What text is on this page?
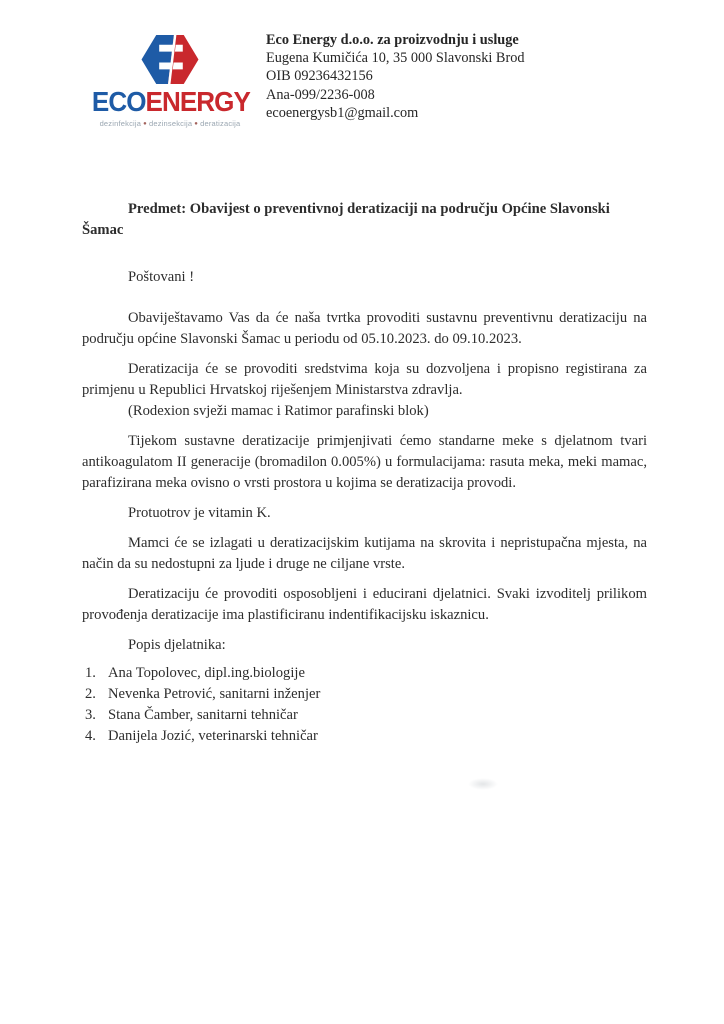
ECOENERGY
dezinfekcija ● dezinsekcija ● deratizacija
Eco Energy d.o.o. za proizvodnju i usluge
Eugena Kumičića 10, 35 000 Slavonski Brod
OIB 09236432156
Ana-099/2236-008
ecoenergysb1@gmail.com
Predmet: Obavijest o preventivnoj deratizaciji na području Općine Slavonski Šamac
Poštovani !

Obaviještavamo Vas da će naša tvrtka provoditi sustavnu preventivnu deratizaciju na području općine Slavonski Šamac u periodu od 05.10.2023. do 09.10.2023.

Deratizacija će se provoditi sredstvima koja su dozvoljena i propisno registirana za primjenu u Republici Hrvatskoj riješenjem Ministarstva zdravlja.

(Rodexion svježi mamac i Ratimor parafinski blok)

Tijekom sustavne deratizacije primjenjivati ćemo standarne meke s djelatnom tvari antikoagulatom II generacije (bromadilon 0.005%) u formulacijama: rasuta meka, meki mamac, parafizirana meka ovisno o vrsti prostora u kojima se deratizacija provodi.

Protuotrov je vitamin K.

Mamci će se izlagati u deratizacijskim kutijama na skrovita i nepristupačna mjesta, na način da su nedostupni za ljude i druge ne ciljane vrste.

Deratizaciju će provoditi osposobljeni i educirani djelatnici. Svaki izvoditelj prilikom provođenja deratizacije ima plastificiranu indentifikacijsku iskaznicu.

Popis djelatnika:
1. Ana Topolovec, dipl.ing.biologije
2. Nevenka Petrović, sanitarni inženjer
3. Stana Čamber, sanitarni tehničar
4. Danijela Jozić, veterinarski tehničar
